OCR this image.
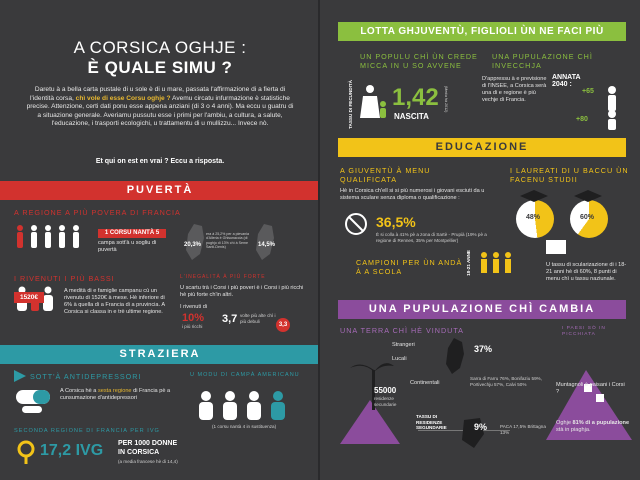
A CORSICA OGHJE :
È QUALE SIMU ?
Daretu à a bella carta pustale di u sole è di u mare, passata l'affirmazione di a fierta di l'identità corsa, chì vole di esse Corsu oghje ? Avemu circatu infurmazione è statistiche precise. Attenzione, certi dati ponu esse appena anziani (di 3 o 4 anni). Ma eccu u guatru di a situazione generale. Averiamu pussutu esse i primi per l'ambiu, a cultura, a salute, l'educazione, i trasporti ecologichi, u trattamentu di u mullizzu... Invece nò.
Et qui on est en vrai ? Eccu a risposta.
PUVERTÀ
A REGIONE A PIÙ POVERA DI FRANCIA
1 CORSU NANTÀ 5
campa sott'à u sogliu di puvertà
20,3%
era à 25,2% per a pievania d'Alleria è Ghisunaccia (di pughjo di 13% chì à Seme Santi-Denis)	14,5%
I RIVENUTI I PIÙ BASSI
1520€
A medità di e famiglie campanu cù un rivenutu di 1520€ à mese. Hè inferiore di 6% à quella di a Francia di a pruvincia. A Corsica si classa in e trè ultime regione.
L'INEGALITÀ À PIÙ FORTE
U scartu trà i Corsi i più poveri è i Corsi i più ricchi hè più forte ch'in altri.
I rivenuti di
10%
i più ricchi
3,7 volte più alte chì i più debuli
3,3
STRAZIERA
SOTT'À ANTIDEPRESSORI
A Corsica hè a sesta regione di Francia pè a cunsumazione d'antidepressori
U MODU DI CAMPÀ AMERICANU
(1 corsu nantà 4 in sustituenza)
SECONDA REGIONE DI FRANCIA PER IVG
17,2 IVG PER 1000 DONNE
IN CORSICA
(a media francese hè di 14,4)
LOTTA GHJUVENTÙ, FIGLIOLI ÙN NE FACI PIÙ
UN POPULU CHÌ ÙN CREDE MICCA IN U SO AVVENE
TASSU DI FECUNDITÀ 1,42
NASCITA
(Media frà 2012)
UNA PUPULAZIONE CHÌ INVECCHJA
D'appressu à e previsione di l'INSEE, a Corsica serà una di e regione è più vechje di Francia.
ANNATA 2040 :
+65
+80
EDUCAZIONE
A GIUVENTÙ À MENU QUALIFICATA
Hè in Corsica ch'ell si si più numerosi i giovani esciuti da u sistema sculare senza diploma o qualificazione :
36,5%
È si colla à 41% pè a zona di Sartè - Prupià (19% pè a regione di Rennes, 35% per Montpellier)
I LAUREATI DI U BACCU ÙN FACENU STUDII
48%	60%
CAMPIONI PER ÙN ANDÀ À A SCOLA	18-21 ANNE	U tassu di scularizazione di i 18-21 anni hè di 60%, 8 punti di menu chì u tassu naziunale.
UNA PUPULAZIONE CHÌ CAMBIA
UNA TERRA CHÌ HÈ VINDUTA
Strangeri
Lucali
Continentali
55000
residenze secundarie
37%
Sarra di Farru 76%, Bonifaziu 59%, Portivechju 57%, Calvi 50%
TASSU DI RESIDENZE SEGUNDARIE	9%	PACA 17,5% Brittagna 13%
I PAESI SÒ IN PICCHIATA
Muntagnoli è paisani i Corsi ?
Oghje 81% di a pupulazione stà in piaghja.
